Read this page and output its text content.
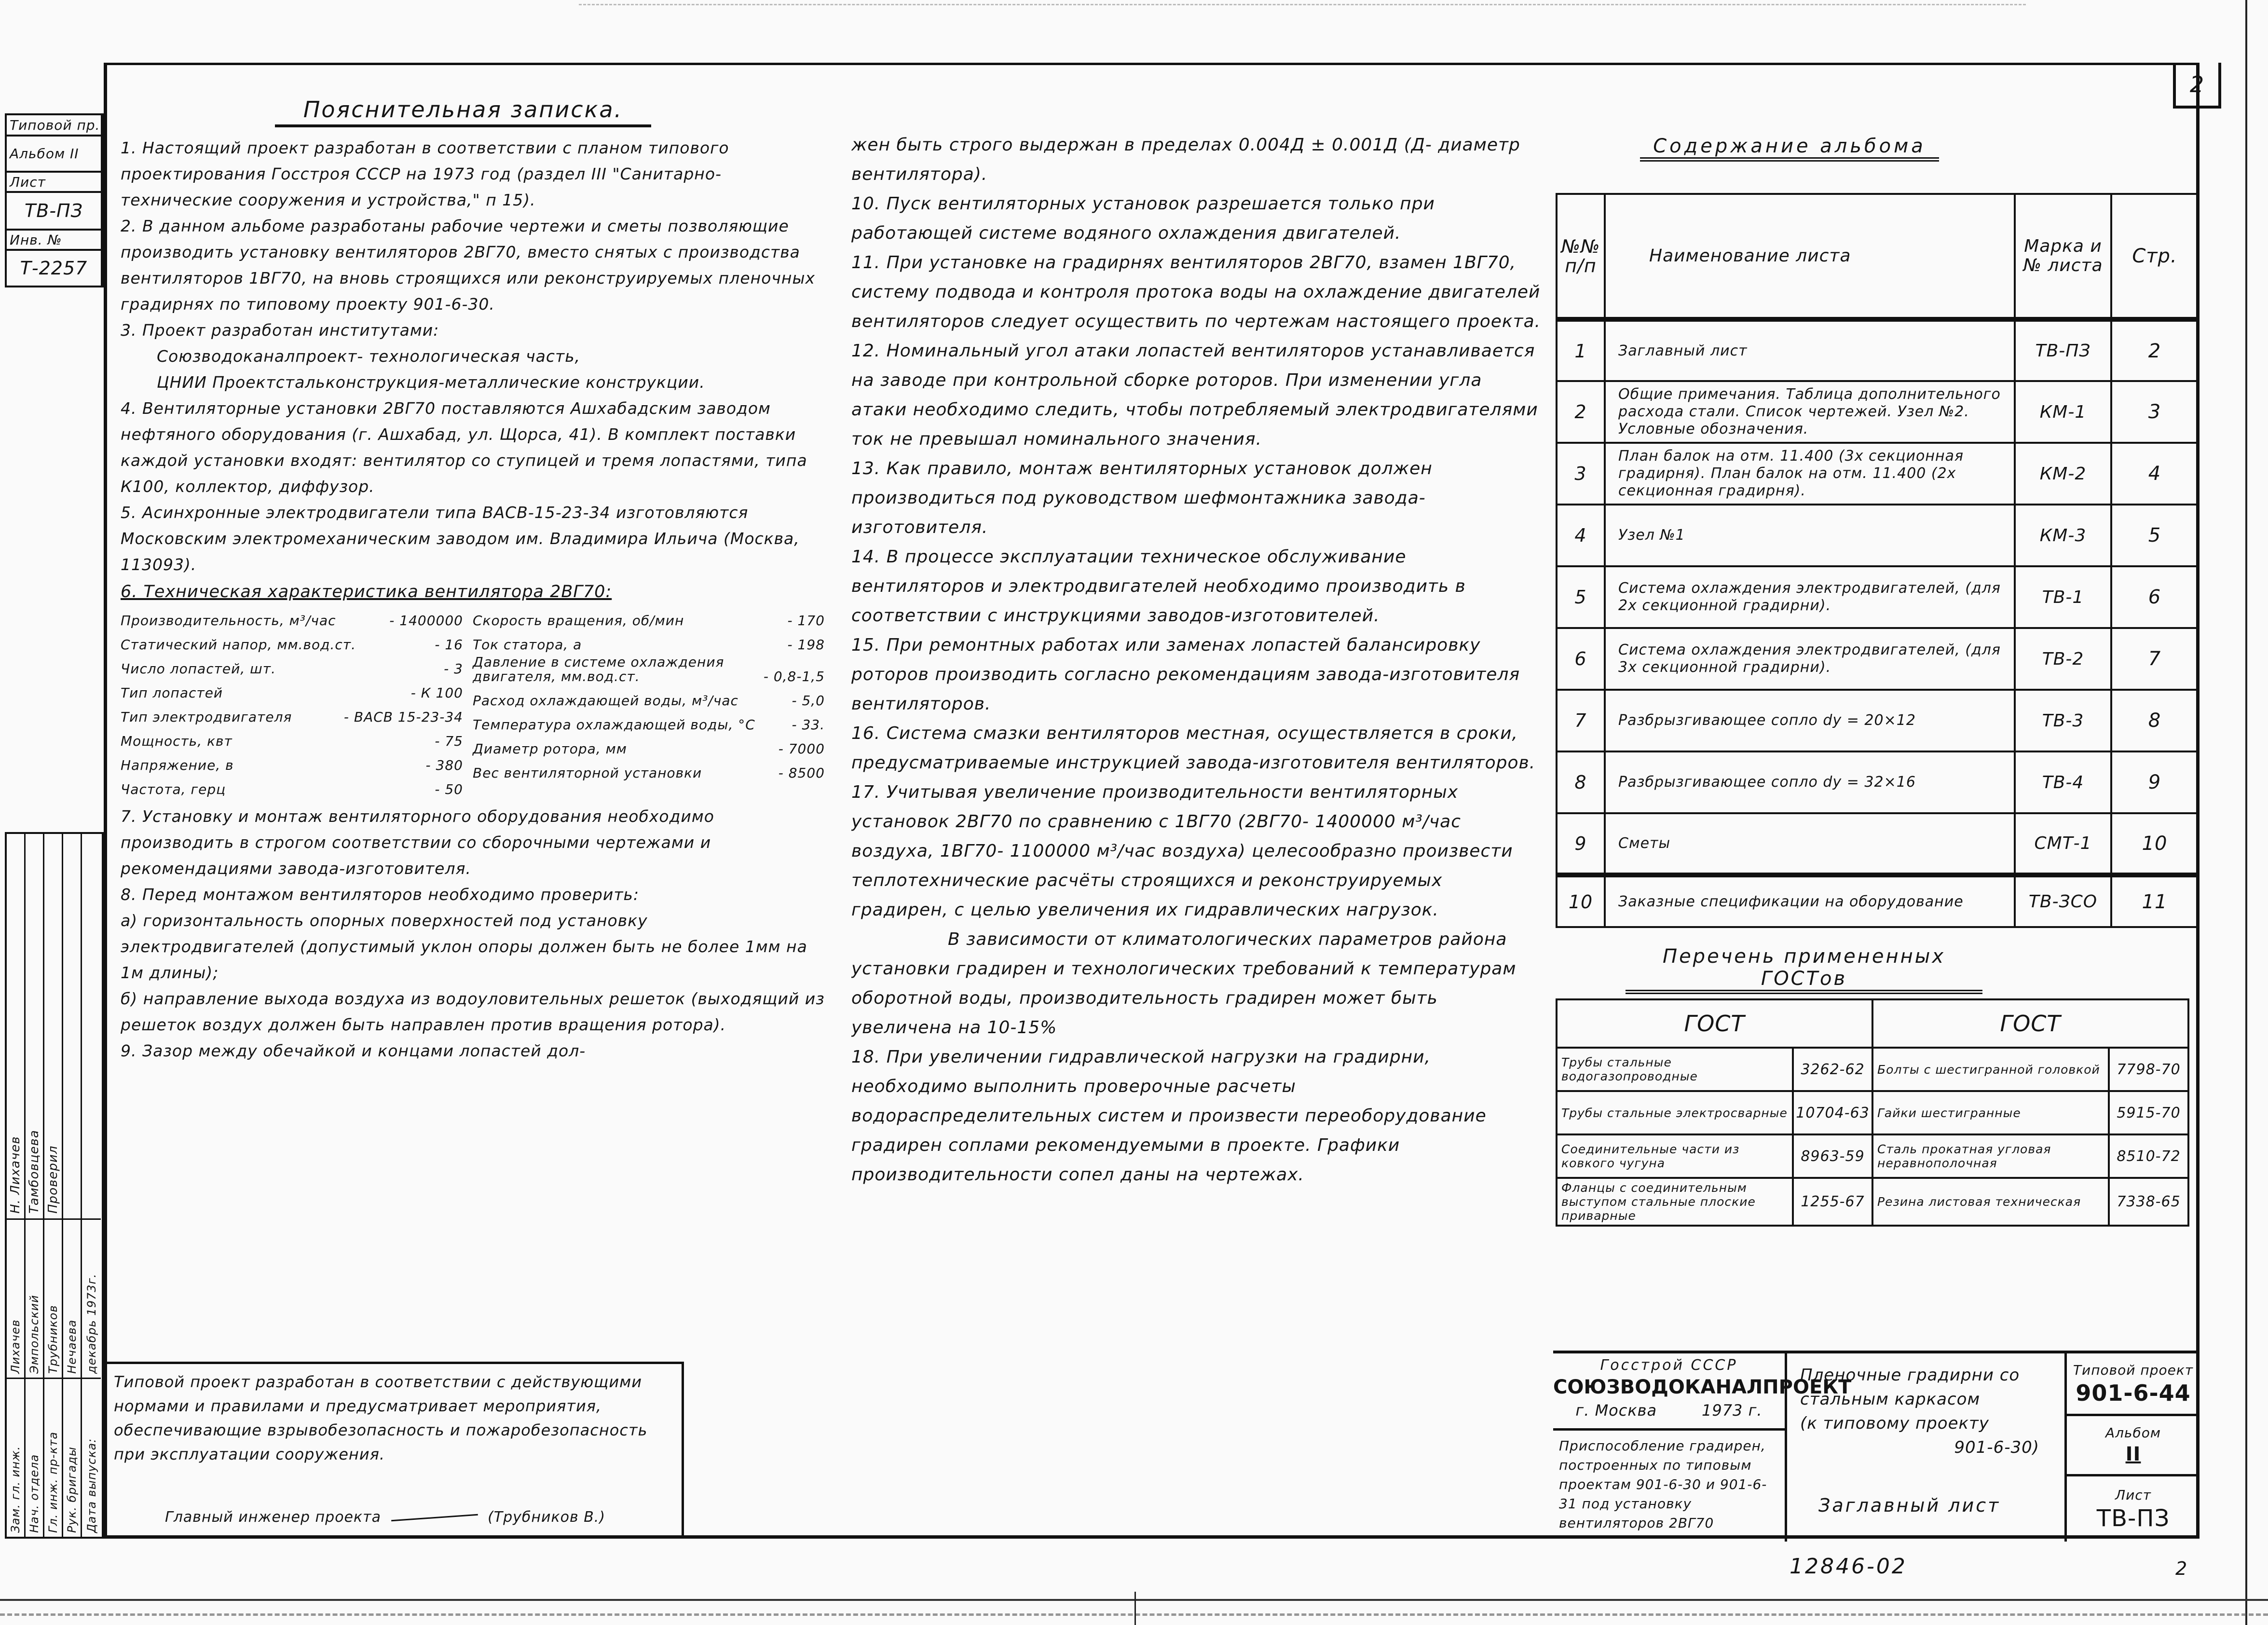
2
Типовой пр.
Альбом II
Лист
ТВ-ПЗ
Инв. №
Т-2257
Зам. гл. инж.
Лихачев
Н. Лихачев
Нач. отдела
Эмпольский
Тамбовцева
Гл. инж. пр-кта
Трубников
Проверил
Рук. бригады
Нечаева
Дата выпуска:
декабрь 1973г.
Пояснительная записка.

1. Настоящий проект разработан в соответствии с планом типового проектирования Госстроя СССР на 1973 год (раздел III "Санитарно-технические сооружения и устройства," п 15).

2. В данном альбоме разработаны рабочие чертежи и сметы позволяющие производить установку вентиляторов 2ВГ70, вместо снятых с производства вентиляторов 1ВГ70, на вновь строящихся или реконструируемых пленочных градирнях по типовому проекту 901-6-30.

3. Проект разработан институтами:

Союзводоканалпроект- технологическая часть,

ЦНИИ Проектстальконструкция-металлические конструкции.

4. Вентиляторные установки 2ВГ70 поставляются Ашхабадским заводом нефтяного оборудования (г. Ашхабад, ул. Щорса, 41). В комплект поставки каждой установки входят: вентилятор со ступицей и тремя лопастями, типа К100, коллектор, диффузор.

5. Асинхронные электродвигатели типа ВАСВ-15-23-34 изготовляются Московским электромеханическим заводом им. Владимира Ильича (Москва, 113093).

6. Техническая характеристика вентилятора 2ВГ70:

Производительность, м³/час	- 1400000
Статический напор, мм.вод.ст.	- 16
Число лопастей, шт.	- 3
Тип лопастей	- К 100
Тип электродвигателя	- ВАСВ 15-23-34
Мощность, квт	- 75
Напряжение, в	- 380
Частота, герц	- 50
Скорость вращения, об/мин	- 170
Ток статора, а	- 198
Давление в системе охлаждения двигателя, мм.вод.ст.	- 0,8-1,5
Расход охлаждающей воды, м³/час	- 5,0
Температура охлаждающей воды, °С	- 33.
Диаметр ротора, мм	- 7000
Вес вентиляторной установки	- 8500

7. Установку и монтаж вентиляторного оборудования необходимо производить в строгом соответствии со сборочными чертежами и рекомендациями завода-изготовителя.

8. Перед монтажом вентиляторов необходимо проверить:

а) горизонтальность опорных поверхностей под установку электродвигателей (допустимый уклон опоры должен быть не более 1мм на 1м длины);

б) направление выхода воздуха из водоуловительных решеток (выходящий из решеток воздух должен быть направлен против вращения ротора).

9. Зазор между обечайкой и концами лопастей дол-

Типовой проект разработан в соответствии с действующими нормами и правилами и предусматривает мероприятия, обеспечивающие взрывобезопасность и пожаробезопасность при эксплуатации сооружения.

Главный инженер проекта	(Трубников В.)

жен быть строго выдержан в пределах 0.004Д ± 0.001Д (Д- диаметр вентилятора).

10. Пуск вентиляторных установок разрешается только при работающей системе водяного охлаждения двигателей.

11. При установке на градирнях вентиляторов 2ВГ70, взамен 1ВГ70, систему подвода и контроля протока воды на охлаждение двигателей вентиляторов следует осуществить по чертежам настоящего проекта.

12. Номинальный угол атаки лопастей вентиляторов устанавливается на заводе при контрольной сборке роторов. При изменении угла атаки необходимо следить, чтобы потребляемый электродвигателями ток не превышал номинального значения.

13. Как правило, монтаж вентиляторных установок должен производиться под руководством шефмонтажника завода-изготовителя.

14. В процессе эксплуатации техническое обслуживание вентиляторов и электродвигателей необходимо производить в соответствии с инструкциями заводов-изготовителей.

15. При ремонтных работах или заменах лопастей балансировку роторов производить согласно рекомендациям завода-изготовителя вентиляторов.

16. Система смазки вентиляторов местная, осуществляется в сроки, предусматриваемые инструкцией завода-изготовителя вентиляторов.

17. Учитывая увеличение производительности вентиляторных установок 2ВГ70 по сравнению с 1ВГ70 (2ВГ70- 1400000 м³/час воздуха, 1ВГ70- 1100000 м³/час воздуха) целесообразно произвести теплотехнические расчёты строящихся и реконструируемых градирен, с целью увеличения их гидравлических нагрузок.

В зависимости от климатологических параметров района установки градирен и технологических требований к температурам оборотной воды, производительность градирен может быть увеличена на 10-15%

18. При увеличении гидравлической нагрузки на градирни, необходимо выполнить проверочные расчеты водораспределительных систем и произвести переоборудование градирен соплами рекомендуемыми в проекте. Графики производительности сопел даны на чертежах.

Содержание альбома
№№ п/п	Наименование листа	Марка и № листа	Стр.
1	Заглавный лист	ТВ-ПЗ	2
2	Общие примечания. Таблица дополнительного расхода стали. Список чертежей. Узел №2. Условные обозначения.	КМ-1	3
3	План балок на отм. 11.400 (3х секционная градирня). План балок на отм. 11.400 (2х секционная градирня).	КМ-2	4
4	Узел №1	КМ-3	5
5	Система охлаждения электродвигателей, (для 2х секционной градирни).	ТВ-1	6
6	Система охлаждения электродвигателей, (для 3х секционной градирни).	ТВ-2	7
7	Разбрызгивающее сопло dy = 20×12	ТВ-3	8
8	Разбрызгивающее сопло dy = 32×16	ТВ-4	9
9	Сметы	СМТ-1	10
10	Заказные спецификации на оборудование	ТВ-ЗСО	11
Перечень примененных ГОСТов
ГОСТ		ГОСТ	
Трубы стальные водогазопроводные	3262-62	Болты с шестигранной головкой	7798-70
Трубы стальные электросварные	10704-63	Гайки шестигранные	5915-70
Соединительные части из ковкого чугуна	8963-59	Сталь прокатная угловая неравнополочная	8510-72
Фланцы с соединительным выступом стальные плоские приварные	1255-67	Резина листовая техническая	7338-65
Госстрой СССР
СОЮЗВОДОКАНАЛПРОЕКТ
г. Москва	1973 г.
Приспособление градирен, построенных по типовым проектам 901-6-30 и 901-6-31 под установку вентиляторов 2ВГ70
Пленочные градирни со
стальным каркасом
(к типовому проекту
901-6-30)
Заглавный лист
Типовой проект
901-6-44
Альбом
II
Лист
ТВ-ПЗ
12846-02	2
